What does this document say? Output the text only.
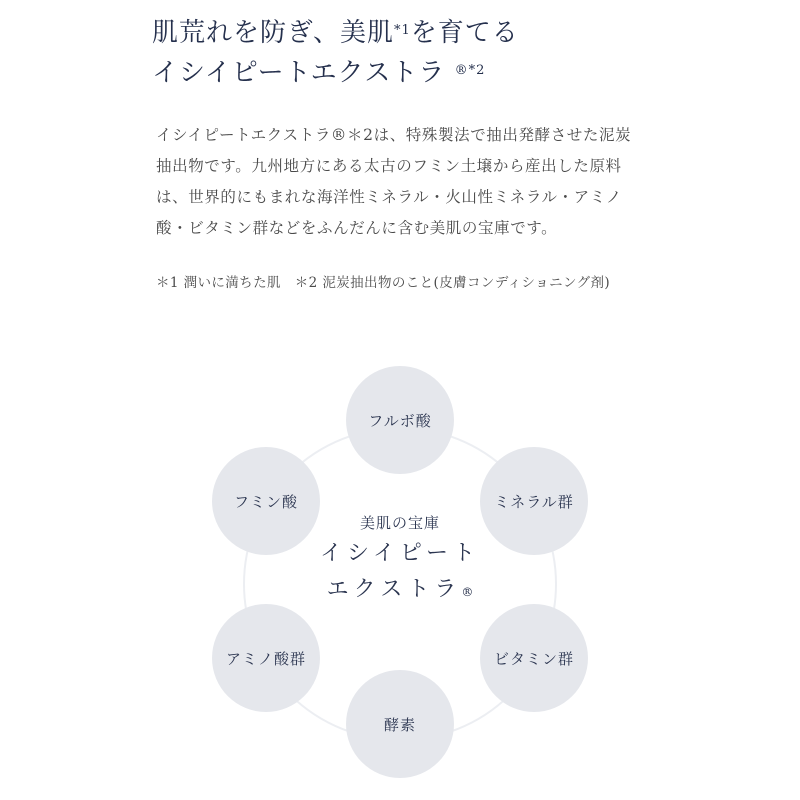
肌荒れを防ぎ、美肌$^{*1}$を育てる
イシイピートエクストラ $^{®*2}$

イシイピートエクストラ®＊2は、特殊製法で抽出発酵させた泥炭抽出物です。九州地方にある太古のフミン土壌から産出した原料は、世界的にもまれな海洋性ミネラル・火山性ミネラル・アミノ酸・ビタミン群などをふんだんに含む美肌の宝庫です。

＊1 潤いに満ちた肌　＊2 泥炭抽出物のこと(皮膚コンディショニング剤)

フルボ酸
ミネラル群
ビタミン群
酵素
アミノ酸群
フミン酸
美肌の宝庫
イシイピート
エクストラ®
